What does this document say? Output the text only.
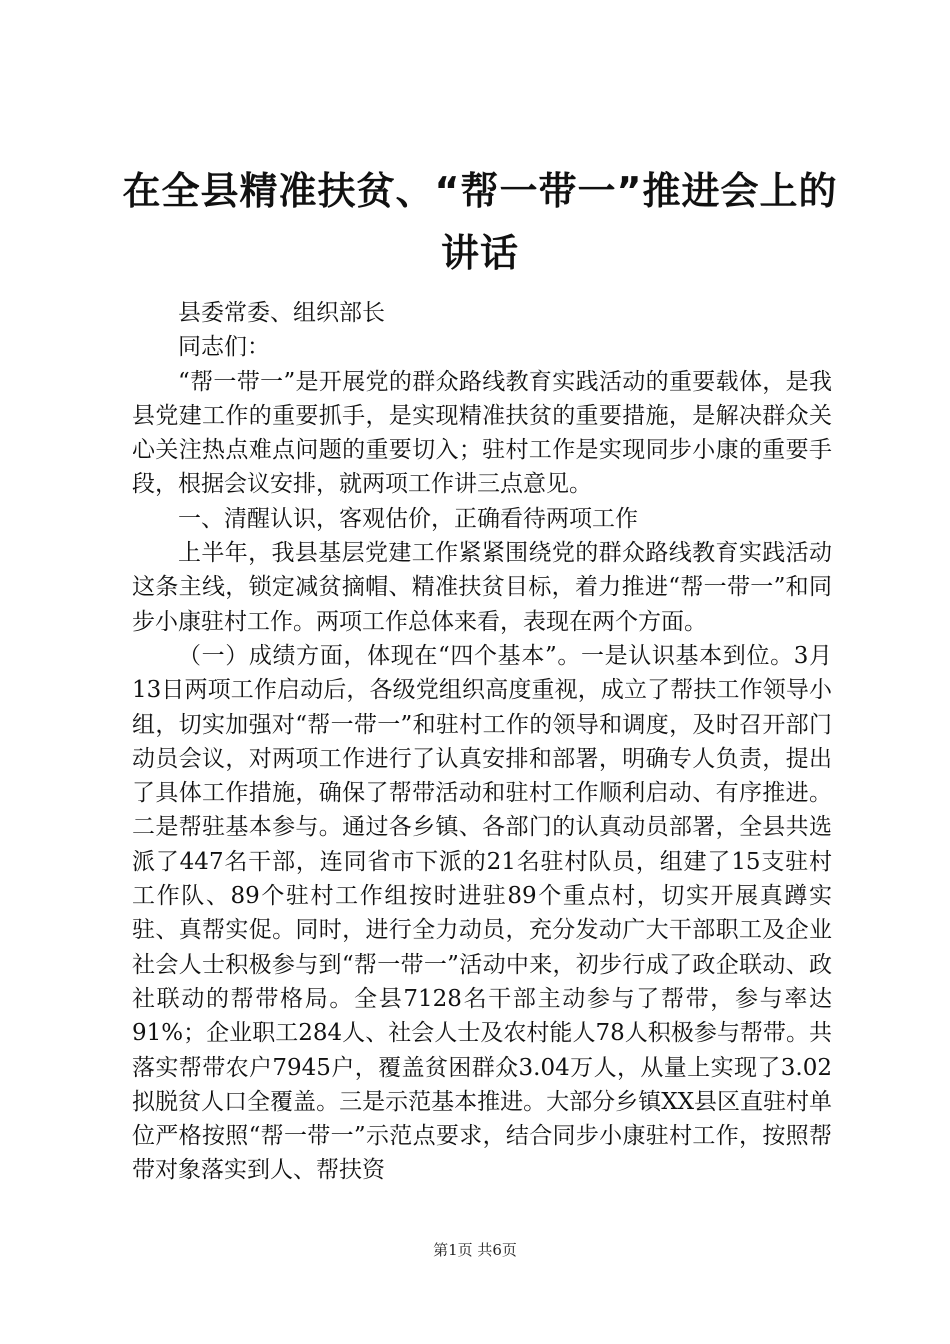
在全县精准扶贫、“帮一带一”推进会上的讲话

县委常委、组织部长

同志们：

“帮一带一”是开展党的群众路线教育实践活动的重要载体，是我县党建工作的重要抓手，是实现精准扶贫的重要措施，是解决群众关心关注热点难点问题的重要切入；驻村工作是实现同步小康的重要手段，根据会议安排，就两项工作讲三点意见。

一、清醒认识，客观估价，正确看待两项工作

上半年，我县基层党建工作紧紧围绕党的群众路线教育实践活动这条主线，锁定减贫摘帽、精准扶贫目标，着力推进“帮一带一”和同步小康驻村工作。两项工作总体来看，表现在两个方面。

（一）成绩方面，体现在“四个基本”。一是认识基本到位。3月13日两项工作启动后，各级党组织高度重视，成立了帮扶工作领导小组，切实加强对“帮一带一”和驻村工作的领导和调度，及时召开部门动员会议，对两项工作进行了认真安排和部署，明确专人负责，提出了具体工作措施，确保了帮带活动和驻村工作顺利启动、有序推进。二是帮驻基本参与。通过各乡镇、各部门的认真动员部署，全县共选派了447名干部，连同省市下派的21名驻村队员，组建了15支驻村工作队、89个驻村工作组按时进驻89个重点村，切实开展真蹲实驻、真帮实促。同时，进行全力动员，充分发动广大干部职工及企业社会人士积极参与到“帮一带一”活动中来，初步行成了政企联动、政社联动的帮带格局。全县7128名干部主动参与了帮带，参与率达91%；企业职工284人、社会人士及农村能人78人积极参与帮带。共落实帮带农户7945户，覆盖贫困群众3.04万人，从量上实现了3.02拟脱贫人口全覆盖。三是示范基本推进。大部分乡镇XX县区直驻村单位严格按照“帮一带一”示范点要求，结合同步小康驻村工作，按照帮带对象落实到人、帮扶资

第1页 共6页
